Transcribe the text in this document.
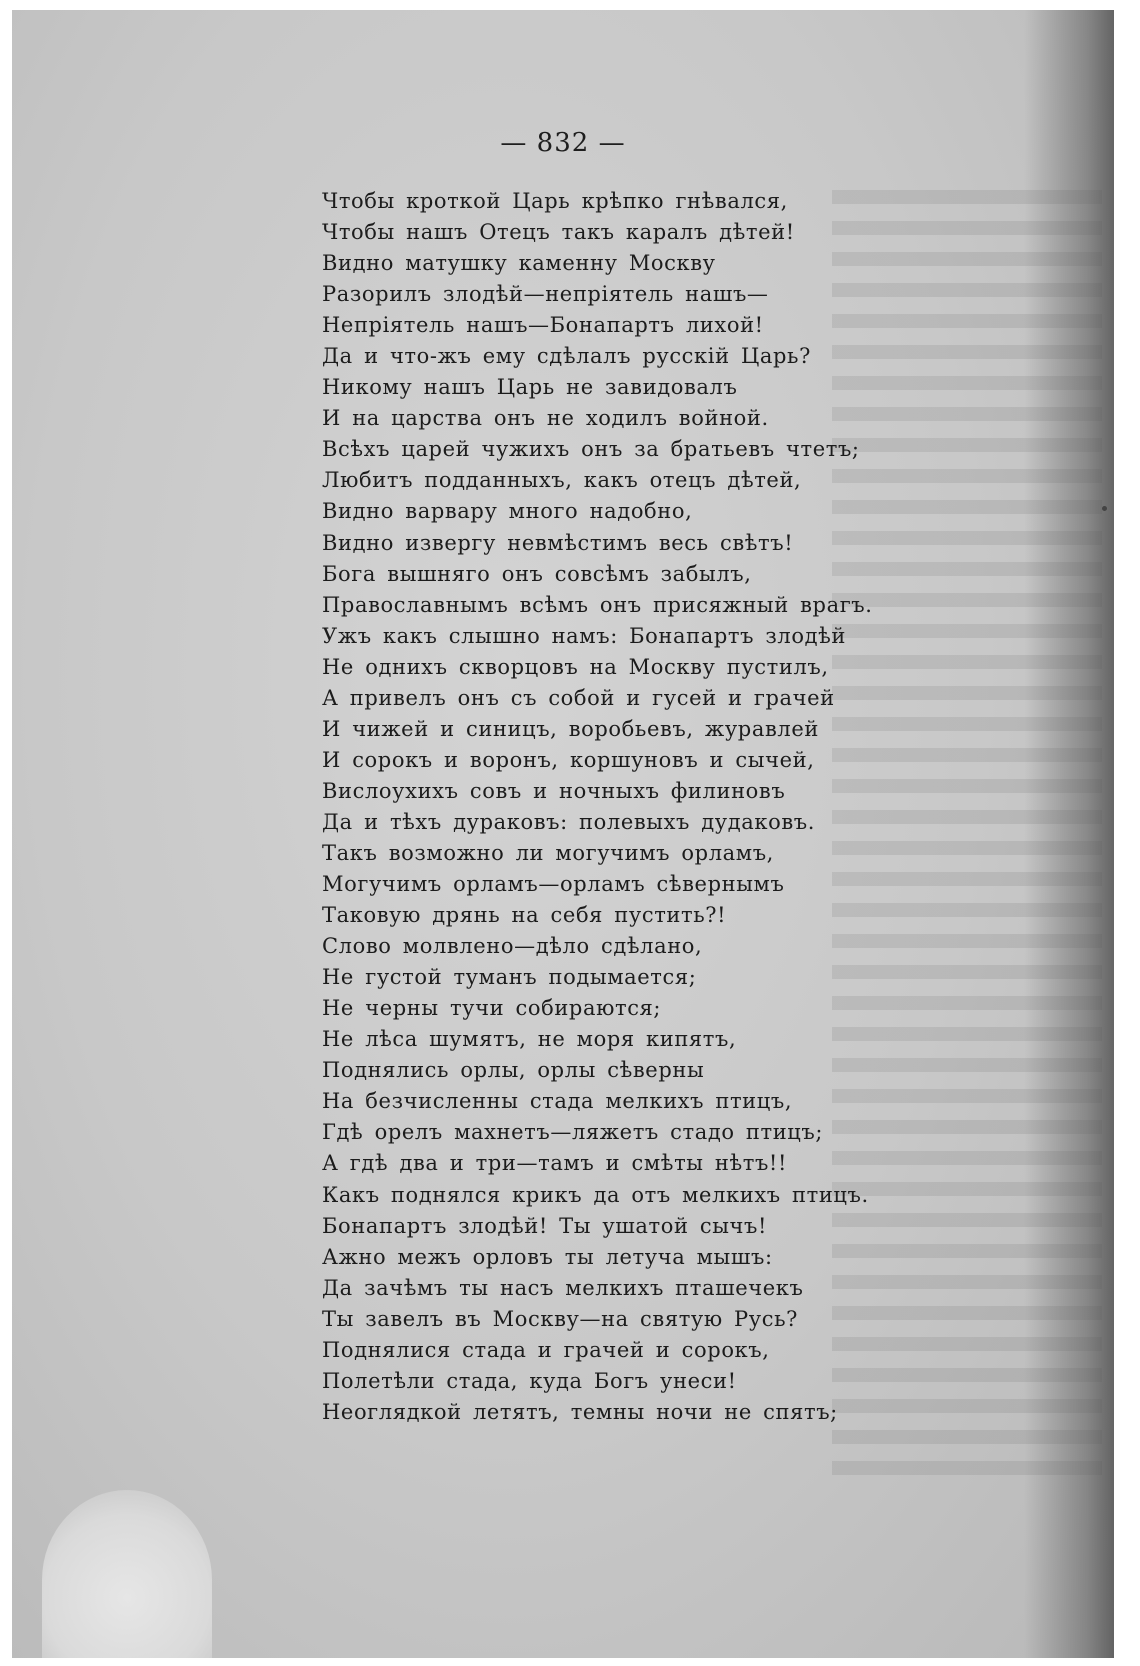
— 832 —
Чтобы кроткой Царь крѣпко гнѣвался,
Чтобы нашъ Отецъ такъ каралъ дѣтей!
Видно матушку каменну Москву
Разорилъ злодѣй—непріятель нашъ—
Непріятель нашъ—Бонапартъ лихой!
Да и что-жъ ему сдѣлалъ русскій Царь?
Никому нашъ Царь не завидовалъ
И на царства онъ не ходилъ войной.
Всѣхъ царей чужихъ онъ за братьевъ чтетъ;
Любитъ подданныхъ, какъ отецъ дѣтей,
Видно варвару много надобно,
Видно извергу невмѣстимъ весь свѣтъ!
Бога вышняго онъ совсѣмъ забылъ,
Православнымъ всѣмъ онъ присяжный врагъ.
Ужъ какъ слышно намъ: Бонапартъ злодѣй
Не однихъ скворцовъ на Москву пустилъ,
А привелъ онъ съ собой и гусей и грачей
И чижей и синицъ, воробьевъ, журавлей
И сорокъ и воронъ, коршуновъ и сычей,
Вислоухихъ совъ и ночныхъ филиновъ
Да и тѣхъ дураковъ: полевыхъ дудаковъ.
Такъ возможно ли могучимъ орламъ,
Могучимъ орламъ—орламъ сѣвернымъ
Таковую дрянь на себя пустить?!
Слово молвлено—дѣло сдѣлано,
Не густой туманъ подымается;
Не черны тучи собираются;
Не лѣса шумятъ, не моря кипятъ,
Поднялись орлы, орлы сѣверны
На безчисленны стада мелкихъ птицъ,
Гдѣ орелъ махнетъ—ляжетъ стадо птицъ;
А гдѣ два и три—тамъ и смѣты нѣтъ!!
Какъ поднялся крикъ да отъ мелкихъ птицъ.
Бонапартъ злодѣй! Ты ушатой сычъ!
Ажно межъ орловъ ты летуча мышъ:
Да зачѣмъ ты насъ мелкихъ пташечекъ
Ты завелъ въ Москву—на святую Русь?
Поднялися стада и грачей и сорокъ,
Полетѣли стада, куда Богъ унеси!
Неоглядкой летятъ, темны ночи не спятъ;
